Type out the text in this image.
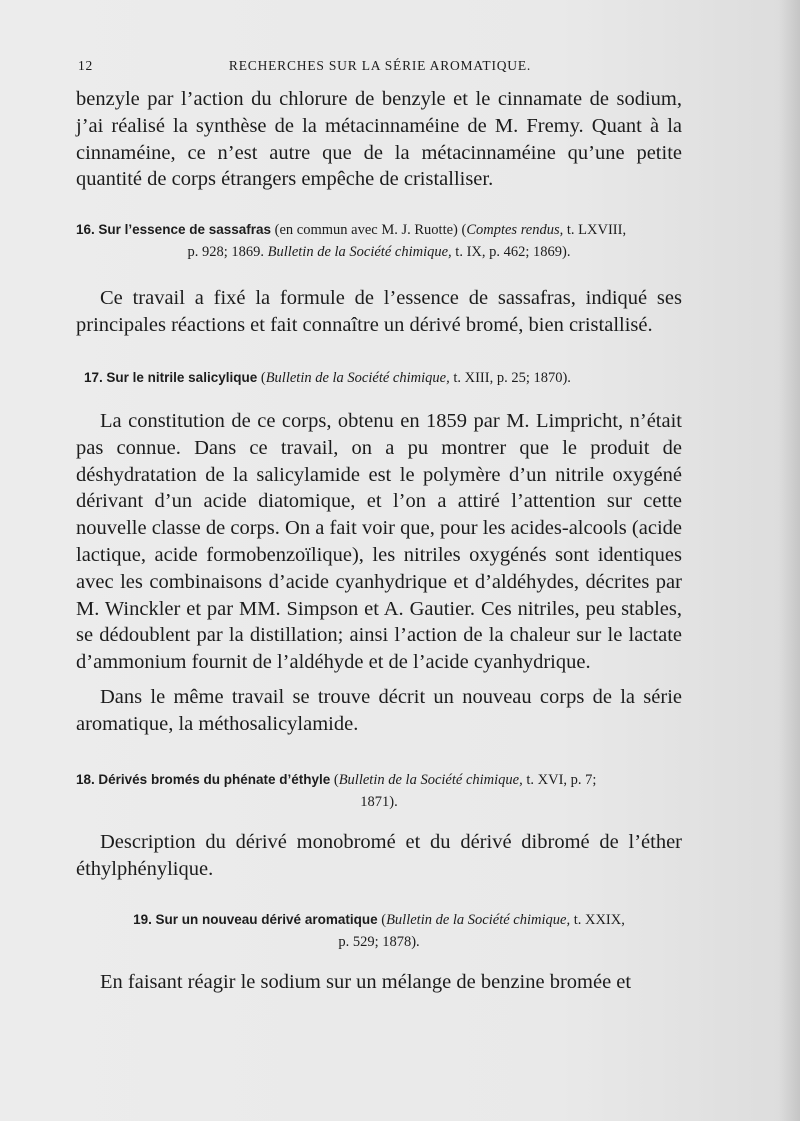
12	RECHERCHES SUR LA SÉRIE AROMATIQUE.

benzyle par l’action du chlorure de benzyle et le cinnamate de sodium, j’ai réalisé la synthèse de la métacinnaméine de M. Fremy. Quant à la cinnaméine, ce n’est autre que de la métacinnaméine qu’une petite quantité de corps étrangers empêche de cristalliser.

16. Sur l’essence de sassafras (en commun avec M. J. Ruotte) (Comptes rendus, t. LXVIII,
p. 928; 1869. Bulletin de la Société chimique, t. IX, p. 462; 1869).

Ce travail a fixé la formule de l’essence de sassafras, indiqué ses principales réactions et fait connaître un dérivé bromé, bien cristallisé.

17. Sur le nitrile salicylique (Bulletin de la Société chimique, t. XIII, p. 25; 1870).

La constitution de ce corps, obtenu en 1859 par M. Limpricht, n’était pas connue. Dans ce travail, on a pu montrer que le produit de déshydratation de la salicylamide est le polymère d’un nitrile oxygéné dérivant d’un acide diatomique, et l’on a attiré l’attention sur cette nouvelle classe de corps. On a fait voir que, pour les acides-alcools (acide lactique, acide formobenzoïlique), les nitriles oxygénés sont identiques avec les combinaisons d’acide cyanhydrique et d’aldéhydes, décrites par M. Winckler et par MM. Simpson et A. Gautier. Ces nitriles, peu stables, se dédoublent par la distillation; ainsi l’action de la chaleur sur le lactate d’ammonium fournit de l’aldéhyde et de l’acide cyanhydrique.

Dans le même travail se trouve décrit un nouveau corps de la série aromatique, la méthosalicylamide.

18. Dérivés bromés du phénate d’éthyle (Bulletin de la Société chimique, t. XVI, p. 7;
1871).

Description du dérivé monobromé et du dérivé dibromé de l’éther éthylphénylique.

19. Sur un nouveau dérivé aromatique (Bulletin de la Société chimique, t. XXIX,
p. 529; 1878).

En faisant réagir le sodium sur un mélange de benzine bromée et
